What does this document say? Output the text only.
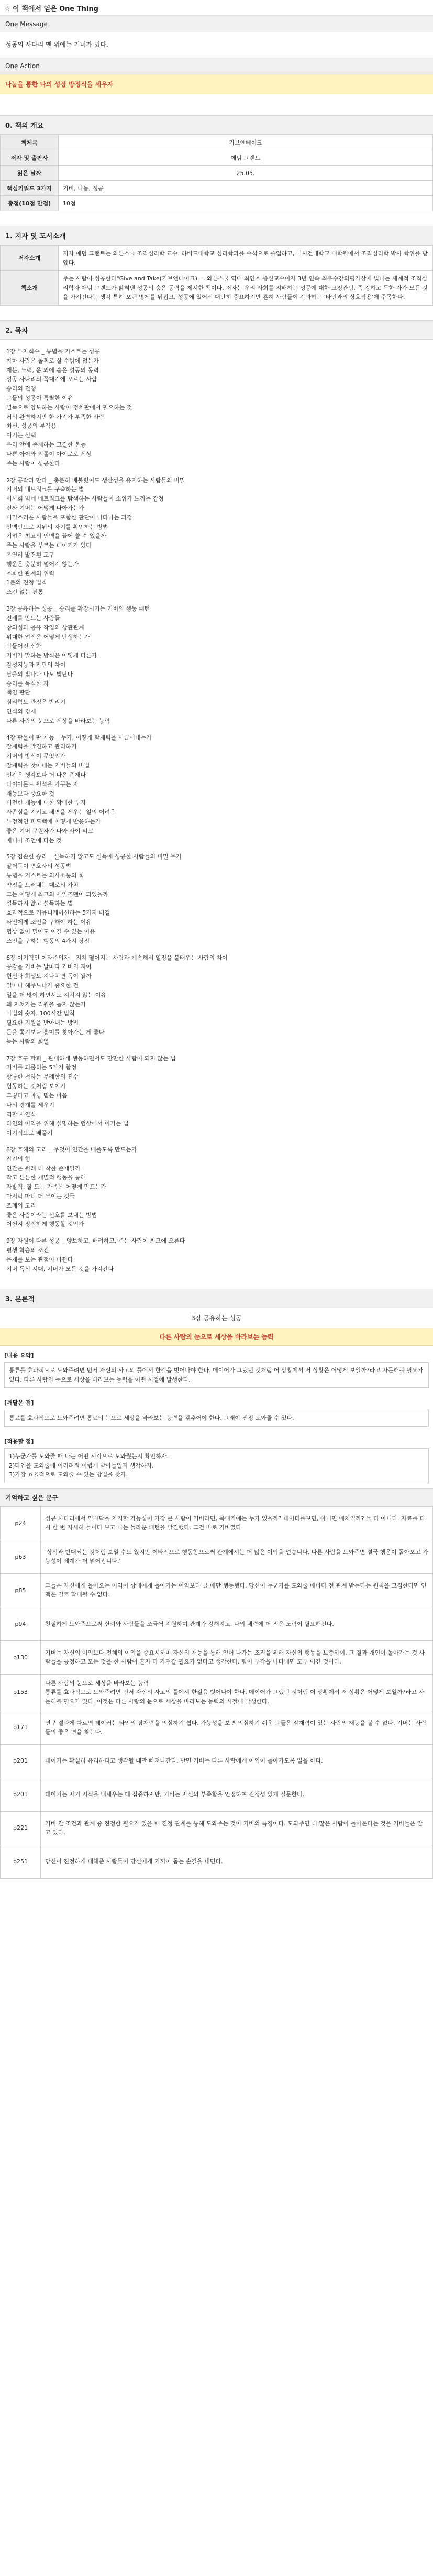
☆ 이 책에서 얻은 One Thing
One Message
성공의 사다리 맨 위에는 기버가 있다.
One Action
나눔을 통한 나의 성장 방정식을 세우자
0. 책의 개요
책제목	기브앤테이크
저자 및 출판사	애덤 그랜트
읽은 날짜	25.05.
핵심키워드 3가지	기버, 나눔, 성공
총점(10점 만점)	10점
1. 지자 및 도서소개
저자소개	저자 애덤 그랜트는 와튼스쿨 조직심리학 교수. 하버드대학교 심리학과를 수석으로 졸업하고, 미시건대학교 대학원에서 조직심리학 박사 학위를 받았다.
책소개	주는 사람이 성공한다"Give and Take(기브앤테이크)」. 와튼스쿨 역대 최연소 종신교수이자 3년 연속 최우수강의평가상에 빛나는 세계적 조직심리학자 애덤 그랜트가 밝혀낸 성공의 숨은 동력을 제시한 책이다. 저자는 우리 사회를 지배하는 성공에 대한 고정관념, 즉 강하고 독한 자가 모든 것을 가져간다는 생각 특히 오랜 명제를 뒤집고, 성공에 있어서 대단히 중요하지만 흔히 사람들이 간과하는 '타인과의 상호작용'에 주목한다.
2. 목차
1장 투자회수 _ 통념을 거스르는 성공
착한 사람은 꼴찌로 살 수밖에 없는가
재분, 노력, 운 외에 숨은 성공의 동력
성공 사다리의 꼭대기에 오르는 사람
승리의 전쟁
그들의 성공이 특별한 이유
별똑으로 양보하는 사람이 정치판에서 필요하는 것
거의 완벽하지만 한 가지가 부족한 사람
최선, 성공의 부작용
이기는 선택
우리 안에 존재하는 고결한 본능
나쁜 아이와 외톨이 아이로로 세상
주는 사람이 성공한다
2장 공작과 만다 _ 충분히 배불렀어도 생산성을 유지하는 사람들의 비밀
기버의 네트워크를 구축하는 법
이사회 벽네 네트워크를 탐색하는 사람들이 소위가 느끼는 감정
진짜 기버는 어떻게 나아가는가
비밀스러운 사람들을 포함한 판단이 나타나는 과정
인맥만으로 지위의 자기를 확인하는 방법
기업은 최고의 인맥을 끌어 쓸 수 있을까
주는 사람을 부르는 테이커가 있다
우연히 발견된 도구
행운은 충분히 넓어지 않는가
소화한 관계의 위력
1분의 진정 법칙
조건 없는 진통
3장 공유하는 성공 _ 승리를 확장시키는 기버의 행동 패턴
전례를 만드는 사람들
창의성과 공유 작업의 상관관계
위대한 업적은 어떻게 탄생하는가
만들어진 신화
기버가 말하는 방식은 어떻게 다른가
감성지능과 판단의 차이
남을의 빛나다 나도 빛난다
승리를 독식한 자
책임 판단
심리학도 관점은 반리기
인식의 경제
다른 사람의 눈으로 세상을 바라보는 능력
4장 판물이 판 재능 _ 누가, 어떻게 탐재력을 이끌어내는가
잠재력을 발견하고 관리하기
기버의 방식이 무엇인가
잠재력을 찾아내는 기버들의 비법
인간은 생각보다 더 나은 존재다
다이아몬드 원석을 가꾸는 자
재능보다 중요한 것
비전한 재능에 대한 확대한 투자
자존심을 지키고 체면을 세우는 일의 어려움
부정적인 피드백에 어떻게 반응하는가
좋은 기버 구원자가 나와 사이 비교
매니아 조언에 다는 것
5장 겸손한 승리 _ 설득하기 않고도 설득에 성공한 사람들의 비밀 무기
말더듬이 변호사의 성공법
통념을 거스르는 의사소통의 힘
약점을 드러내는 대로의 가치
그는 어떻게 최고의 세일즈맨이 되었을까
설득하지 않고 설득하는 법
효과적으로 커뮤니케이션하는 5가지 비결
타인에게 조언을 구해야 하는 이유
협상 없이 밀어도 이길 수 있는 이유
조언을 구하는 행동의 4가지 장점
6장 이기적인 이타주의자 _ 지쳐 떨어지는 사람과 계속해서 열정을 불태우는 사람의 차이
공감을 기버는 날마다 기버의 지이
헌신과 희생도 지나치면 독이 될까
얼마나 헤주느냐가 중요한 건
일을 더 많이 하면서도 지치지 않는 이유
왜 지쳐가는 직원을 돕지 않는가
마법의 숫자, 100시간 법칙
필요한 지원을 받아내는 방법
돈을 쫓기보다 흥미를 찾아가는 게 좋다
돕는 사람의 희열
7장 호구 탈피 _ 관대하게 행동하면서도 만만한 사람이 되지 않는 법
기버를 괴롭히는 5가지 함정
상냥한 척하는 무례함의 진수
협동하는 것처럼 보이기
그렇다고 마냥 믿는 마음
나의 경계를 세우기
역할 재인식
타인의 이익을 위해 설명하는 협상에서 이기는 법
이기적으로 배풀기
8장 호혜의 고리 _ 무엇이 인간을 배풀도록 만드는가
잡킨의 힘
인간은 원래 더 착한 존재일까
작고 튼튼한 개별적 행동을 통해
자발적, 잘 도는 가족은 어떻게 만드는가
마지막 마디 더 모이는 것들
조례의 고리
좋은 사람이라는 신호를 보내는 방법
어쩐지 정직하게 행동할 것인가
9장 자원이 다른 성공 _ 양보하고, 배려하고, 주는 사람이 최고에 오른다
평생 학습의 조건
문제를 보는 관점이 바뀐다
기버 독식 시대, 기버가 모든 것을 가져간다
3. 본론적
3장 공유하는 성공
다른 사람의 눈으로 세상을 바라보는 능력
[내용 요약]
통류를 효과적으로 도와주려면 먼저 자신의 사고의 틀에서 한걸음 벗어나야 한다. 메이어가 그랬던 것처럼 어 상황에서 저 상황은 어떻게 보일까?라고 자문해볼 필요가 있다. 다른 사람의 눈으로 세상을 바라보는 능력을 어떤 시절에 발생한다.
[깨달은 점]
통료를 효과적으로 도와주려면 통료의 눈으로 세상을 바라보는 능력을 갖추어야 한다. 그래야 진정 도와줄 수 있다.
[적용할 점]
1)누군가를 도와줄 때 나는 어떤 시각으로 도와줬는지 확인하자.
2)타인을 도와줄때 이러려줘 어렵게 받아들일지 생각하자.
3)가장 효율적으로 도와줄 수 있는 방법을 찾자.
기억하고 싶은 문구
p24	성공 사다리에서 밑바닥을 차지할 가능성이 가장 큰 사람이 기버라면, 꼭대기에는 누가 있을까? 데이터를보면, 아니면 매처일까? 둘 다 아니다. 자료를 다시 한 번 자세히 들어다 보고 나는 놀라운 패턴을 발견했다. 그건 바로 기버였다.
p63	'상식과 반대되는 것처럼 보일 수도 있지만 이타적으로 행동함으로써 관계에서는 더 많은 이익을 얻습니다. 다른 사람을 도와주면 결국 행운이 돌아오고 가능성이 세계가 더 넓어집니다.'
p85	그들은 자신에게 돌아오는 이익이 상대에게 돌아가는 이익보다 클 때만 행동했다. 당신이 누군가를 도와줄 때마다 전 관계 받는다는 원칙을 고집한다면 인맥은 결코 확대될 수 없다.
p94	친절하게 도와줌으로써 신뢰와 사람들을 조금씩 지원하며 관계가 강해지고, 나의 체력에 더 적은 노력이 필요해진다.
p130	기버는 자신의 이익보다 전체의 이익을 중요시하며 자신의 재능을 통해 얻어 나가는 조직을 위해 자신의 행동을 보충하여, 그 결과 개인이 돌아가는 것 사람들을 공정하고 모든 것을 한 사람이 혼자 다 가져갈 필요가 없다고 생각한다. 팀이 두각을 나타내면 모두 이긴 것이다.
p153	다른 사람의 눈으로 세상을 바라보는 능력
통류를 효과적으로 도와주려면 먼저 자신의 사고의 틀에서 한걸음 벗어나야 한다. 메이어가 그랬던 것처럼 어 상황에서 저 상황은 어떻게 보일까?라고 자문해볼 필요가 있다. 이것은 다른 사람의 눈으로 세상을 바라보는 능력의 시절에 발생한다.
p171	연구 결과에 따르면 테이커는 타인의 잠재력을 의심하기 쉽다. 가능성을 보면 의심하기 쉬운 그들은 잠재력이 있는 사람의 재능을 볼 수 없다. 기버는 사람들의 좋은 면을 찾는다.
p201	테이커는 확실히 유리하다고 생각될 때만 빠져나간다. 반면 기버는 다른 사람에게 이익이 돌아가도록 일을 한다.
p201	테이커는 자기 지식을 내세우는 데 집중하지만, 기버는 자신의 부족함을 인정하여 진정성 있게 질문한다.
p221	기버 간 조건과 관계 중 진정한 필요가 있을 때 진정 관계를 통해 도와주는 것이 기버의 특징이다. 도와주면 더 많은 사람이 돌아온다는 것을 기버들은 알고 있다.
p251	당신이 진정하게 대해준 사람들이 당신에게 기꺼이 돕는 손길을 내민다.
